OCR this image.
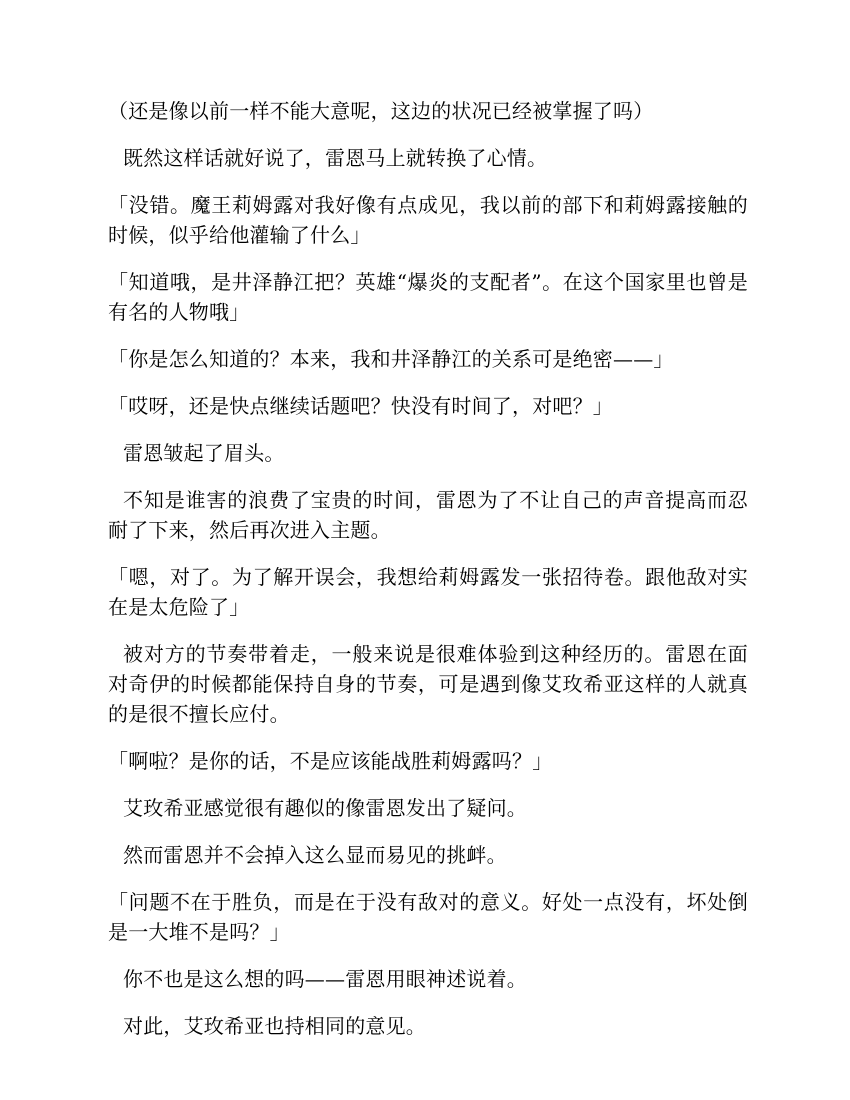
（还是像以前一样不能大意呢，这边的状况已经被掌握了吗）

既然这样话就好说了，雷恩马上就转换了心情。

「没错。魔王莉姆露对我好像有点成见，我以前的部下和莉姆露接触的时候，似乎给他灌输了什么」

「知道哦，是井泽静江把？英雄“爆炎的支配者”。在这个国家里也曾是有名的人物哦」

「你是怎么知道的？本来，我和井泽静江的关系可是绝密——」

「哎呀，还是快点继续话题吧？快没有时间了，对吧？」

雷恩皱起了眉头。

不知是谁害的浪费了宝贵的时间，雷恩为了不让自己的声音提高而忍耐了下来，然后再次进入主题。

「嗯，对了。为了解开误会，我想给莉姆露发一张招待卷。跟他敌对实在是太危险了」

被对方的节奏带着走，一般来说是很难体验到这种经历的。雷恩在面对奇伊的时候都能保持自身的节奏，可是遇到像艾玫希亚这样的人就真的是很不擅长应付。

「啊啦？是你的话，不是应该能战胜莉姆露吗？」

艾玫希亚感觉很有趣似的像雷恩发出了疑问。

然而雷恩并不会掉入这么显而易见的挑衅。

「问题不在于胜负，而是在于没有敌对的意义。好处一点没有，坏处倒是一大堆不是吗？」

你不也是这么想的吗——雷恩用眼神述说着。

对此，艾玫希亚也持相同的意见。
